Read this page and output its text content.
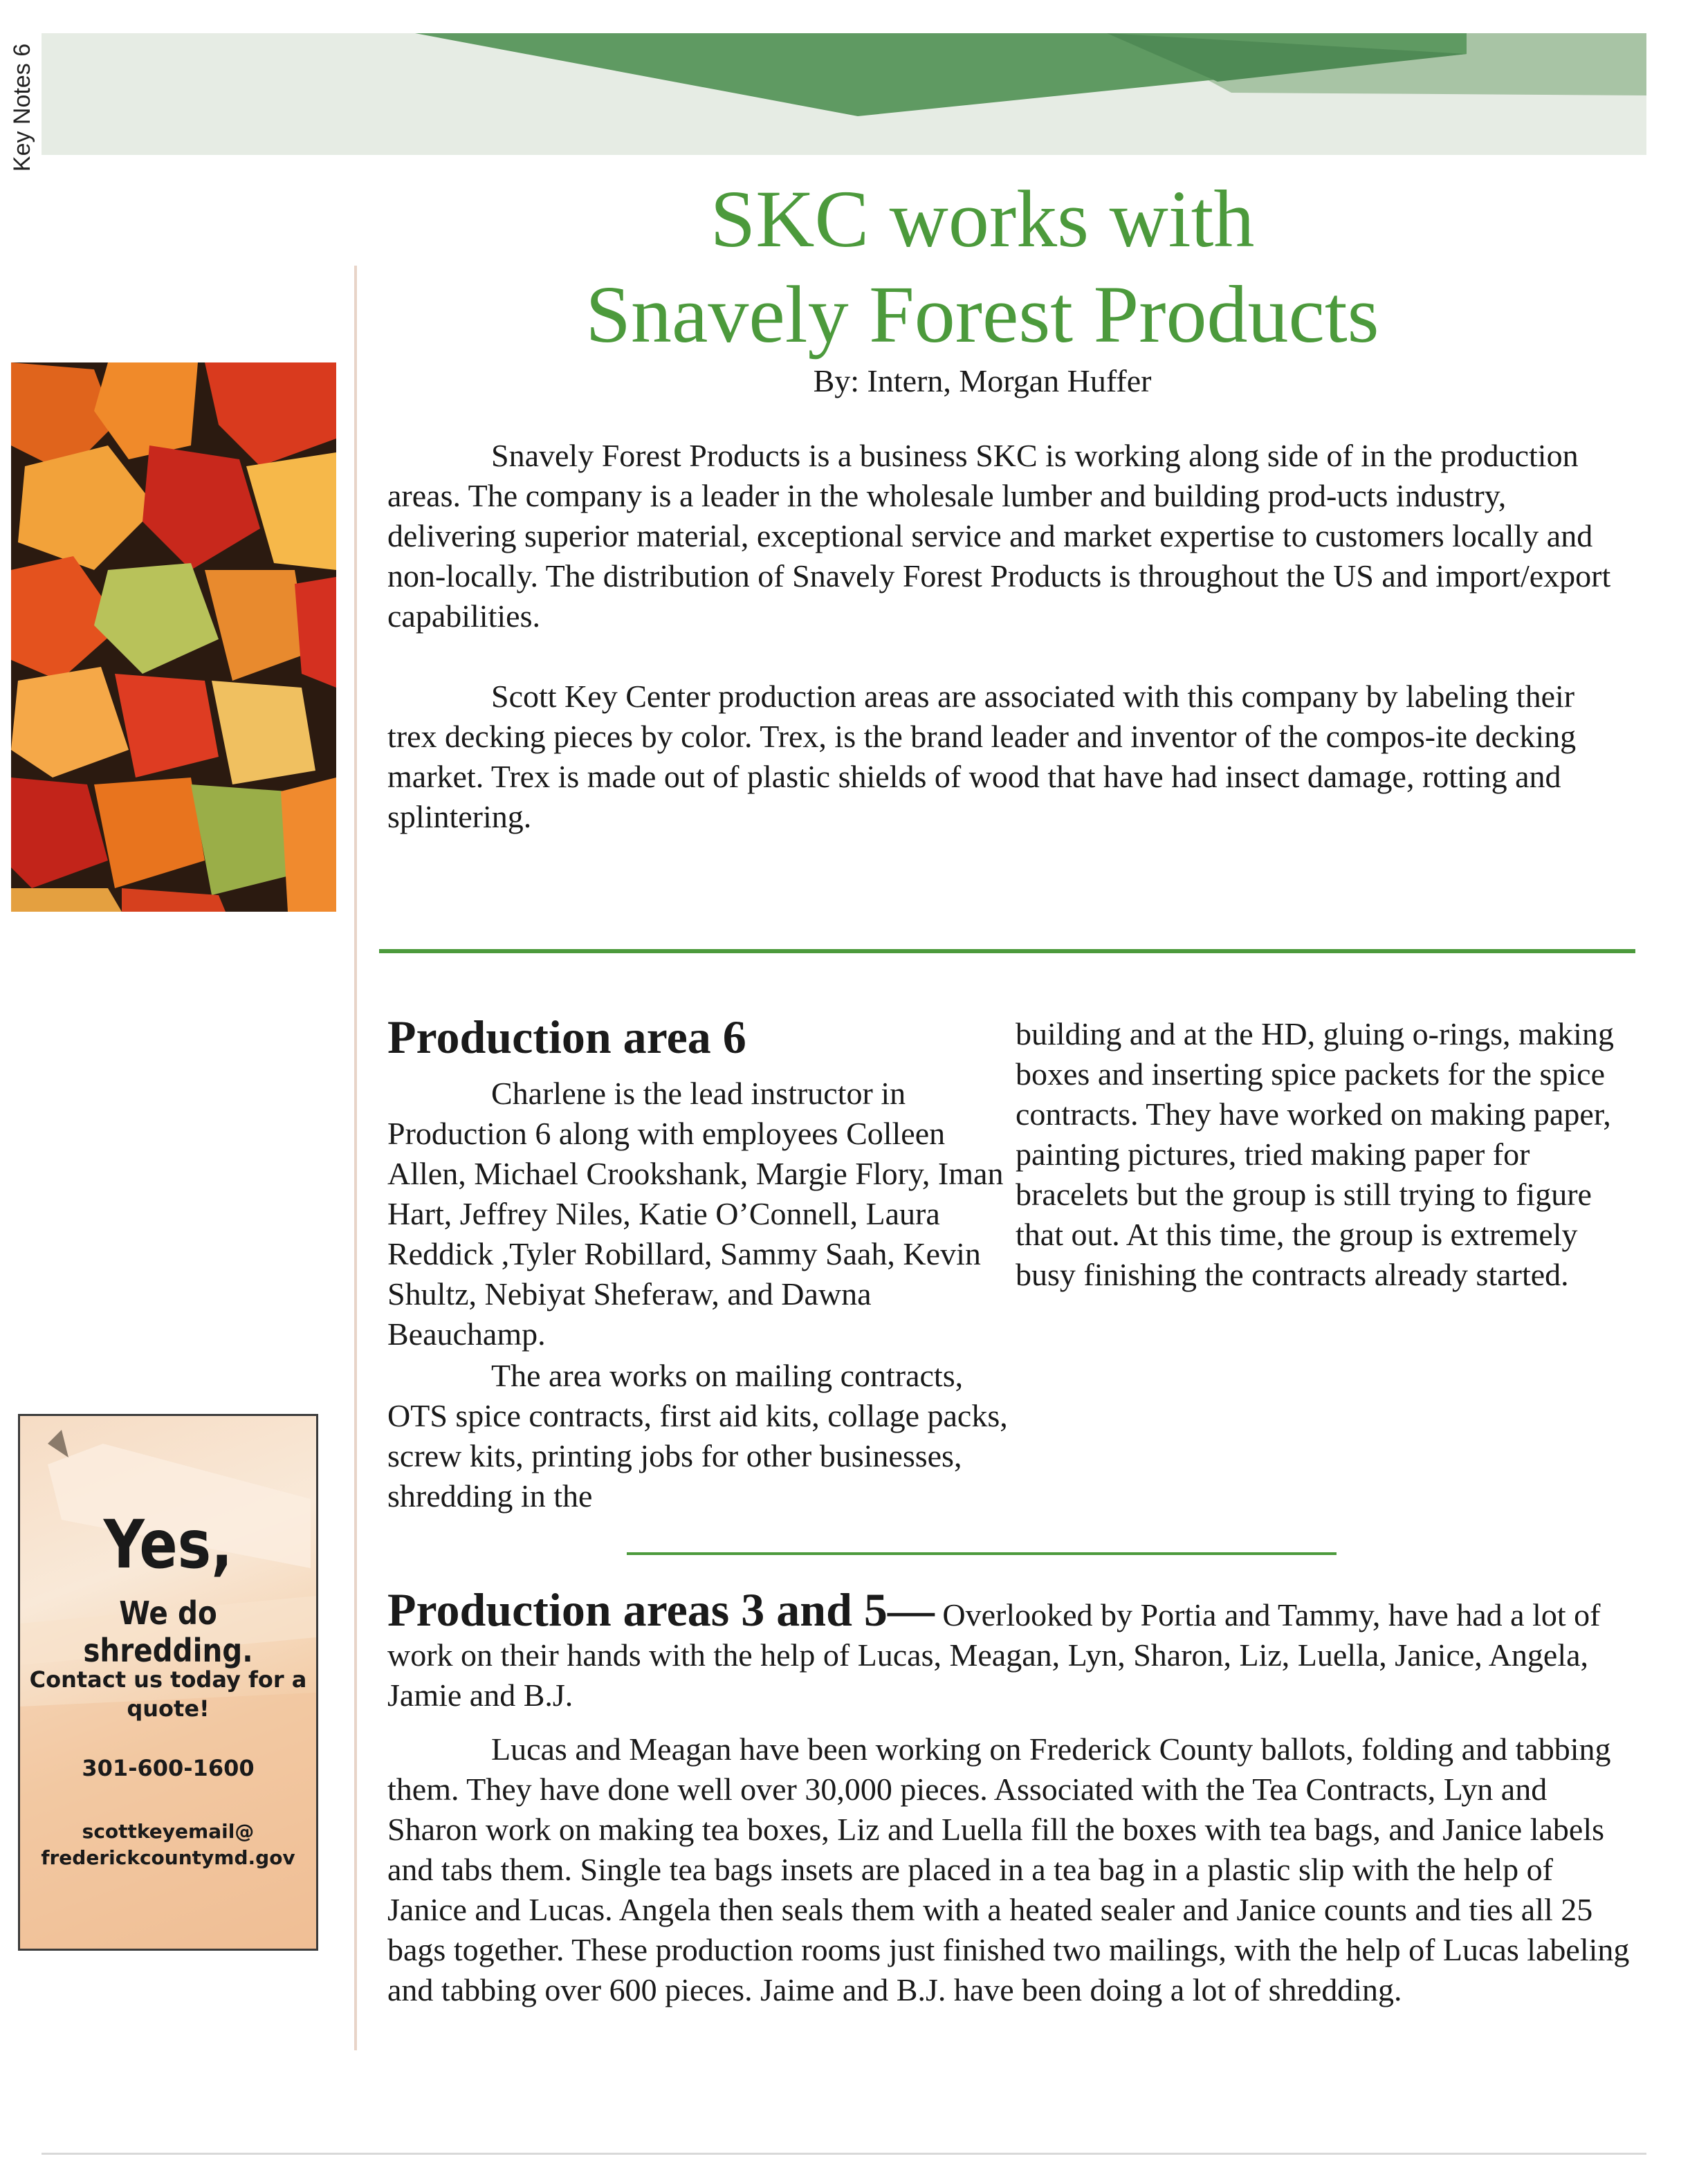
Key Notes 6
Yes,
We do shredding.
Contact us today for a
quote!
301-600-1600
scottkeyemail@
frederickcountymd.gov
SKC works with
Snavely Forest Products
By: Intern, Morgan Huffer

Snavely Forest Products is a business SKC is working along side of in the production areas. The company is a leader in the wholesale lumber and building prod-ucts industry, delivering superior material, exceptional service and market expertise to customers locally and non-locally. The distribution of Snavely Forest Products is throughout the US and import/export capabilities.

Scott Key Center production areas are associated with this company by labeling their trex decking pieces by color. Trex, is the brand leader and inventor of the compos-ite decking market. Trex is made out of plastic shields of wood that have had insect damage, rotting and splintering.

Production area 6

Charlene is the lead instructor in Production 6 along with employees Colleen Allen, Michael Crookshank, Margie Flory, Iman Hart, Jeffrey Niles, Katie O’Connell, Laura Reddick ,Tyler Robillard, Sammy Saah, Kevin Shultz, Nebiyat Sheferaw, and Dawna Beauchamp.

The area works on mailing contracts, OTS spice contracts, first aid kits, collage packs, screw kits, printing jobs for other businesses, shredding in the

building and at the HD, gluing o-rings, making boxes and inserting spice packets for the spice contracts. They have worked on making paper, painting pictures, tried making paper for bracelets but the group is still trying to figure that out. At this time, the group is extremely busy finishing the contracts already started.

Production areas 3 and 5— Overlooked by Portia and Tammy, have had a lot of work on their hands with the help of Lucas, Meagan, Lyn, Sharon, Liz, Luella, Janice, Angela, Jamie and B.J.

Lucas and Meagan have been working on Frederick County ballots, folding and tabbing them. They have done well over 30,000 pieces. Associated with the Tea Contracts, Lyn and Sharon work on making tea boxes, Liz and Luella fill the boxes with tea bags, and Janice labels and tabs them. Single tea bags insets are placed in a tea bag in a plastic slip with the help of Janice and Lucas. Angela then seals them with a heated sealer and Janice counts and ties all 25 bags together. These production rooms just finished two mailings, with the help of Lucas labeling and tabbing over 600 pieces. Jaime and B.J. have been doing a lot of shredding.
